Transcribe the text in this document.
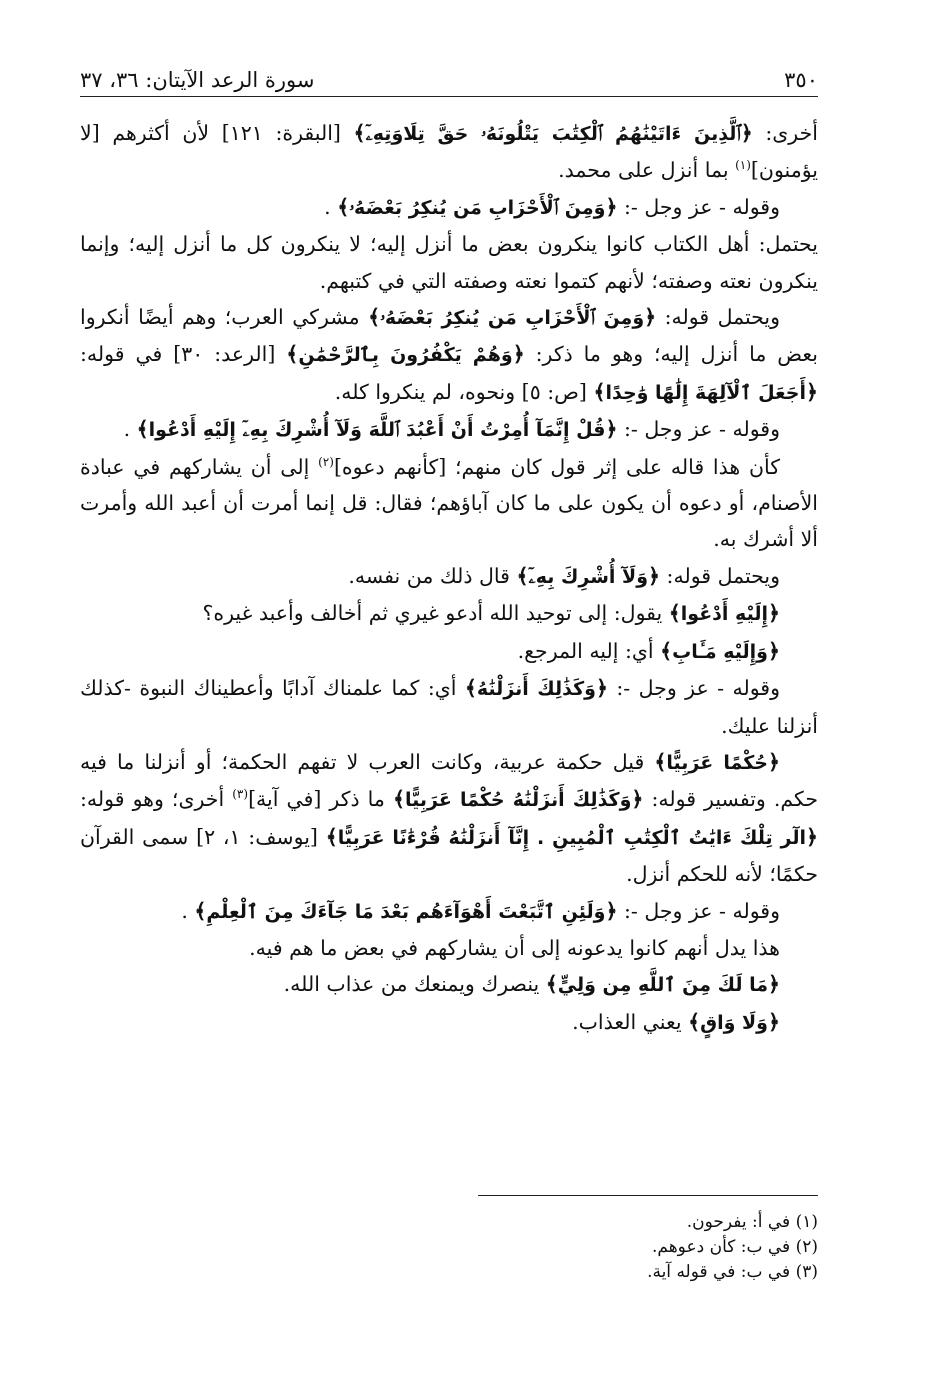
٣٥٠
سورة الرعد الآيتان: ٣٦، ٣٧

أخرى: ﴿ٱلَّذِينَ ءَاتَيْنَٰهُمُ ٱلْكِتَٰبَ يَتْلُونَهُۥ حَقَّ تِلَاوَتِهِۦٓ﴾ [البقرة: ١٢١] لأن أكثرهم [لا يؤمنون]$^{(١)}$ بما أنزل على محمد.

وقوله - عز وجل -: ﴿وَمِنَ ٱلْأَحْزَابِ مَن يُنكِرُ بَعْضَهُۥ﴾ .

يحتمل: أهل الكتاب كانوا ينكرون بعض ما أنزل إليه؛ لا ينكرون كل ما أنزل إليه؛ وإنما ينكرون نعته وصفته؛ لأنهم كتموا نعته وصفته التي في كتبهم.

ويحتمل قوله: ﴿وَمِنَ ٱلْأَحْزَابِ مَن يُنكِرُ بَعْضَهُۥ﴾ مشركي العرب؛ وهم أيضًا أنكروا بعض ما أنزل إليه؛ وهو ما ذكر: ﴿وَهُمْ يَكْفُرُونَ بِٱلرَّحْمَٰنِ﴾ [الرعد: ٣٠] في قوله: ﴿أَجَعَلَ ٱلْآلِهَةَ إِلَٰهًا وَٰحِدًا﴾ [ص: ٥] ونحوه، لم ينكروا كله.

وقوله - عز وجل -: ﴿قُلْ إِنَّمَآ أُمِرْتُ أَنْ أَعْبُدَ ٱللَّهَ وَلَآ أُشْرِكَ بِهِۦٓ إِلَيْهِ أَدْعُوا﴾ .

كأن هذا قاله على إثر قول كان منهم؛ [كأنهم دعوه]$^{(٢)}$ إلى أن يشاركهم في عبادة الأصنام، أو دعوه أن يكون على ما كان آباؤهم؛ فقال: قل إنما أمرت أن أعبد الله وأمرت ألا أشرك به.

ويحتمل قوله: ﴿وَلَآ أُشْرِكَ بِهِۦٓ﴾ قال ذلك من نفسه.

﴿إِلَيْهِ أَدْعُوا﴾ يقول: إلى توحيد الله أدعو غيري ثم أخالف وأعبد غيره؟

﴿وَإِلَيْهِ مَـَٔابِ﴾ أي: إليه المرجع.

وقوله - عز وجل -: ﴿وَكَذَٰلِكَ أَنزَلْنَٰهُ﴾ أي: كما علمناك آدابًا وأعطيناك النبوة -كذلك أنزلنا عليك.

﴿حُكْمًا عَرَبِيًّا﴾ قيل حكمة عربية، وكانت العرب لا تفهم الحكمة؛ أو أنزلنا ما فيه حكم. وتفسير قوله: ﴿وَكَذَٰلِكَ أَنزَلْنَٰهُ حُكْمًا عَرَبِيًّا﴾ ما ذكر [في آية]$^{(٣)}$ أخرى؛ وهو قوله: ﴿الٓر تِلْكَ ءَايَٰتُ ٱلْكِتَٰبِ ٱلْمُبِينِ . إِنَّآ أَنزَلْنَٰهُ قُرْءَٰنًا عَرَبِيًّا﴾ [يوسف: ١، ٢] سمى القرآن حكمًا؛ لأنه للحكم أنزل.

وقوله - عز وجل -: ﴿وَلَئِنِ ٱتَّبَعْتَ أَهْوَآءَهُم بَعْدَ مَا جَآءَكَ مِنَ ٱلْعِلْمِ﴾ .

هذا يدل أنهم كانوا يدعونه إلى أن يشاركهم في بعض ما هم فيه.

﴿مَا لَكَ مِنَ ٱللَّهِ مِن وَلِيٍّ﴾ ينصرك ويمنعك من عذاب الله.

﴿وَلَا وَاقٍ﴾ يعني العذاب.

(١) في أ: يفرحون.
(٢) في ب: كأن دعوهم.
(٣) في ب: في قوله آية.
